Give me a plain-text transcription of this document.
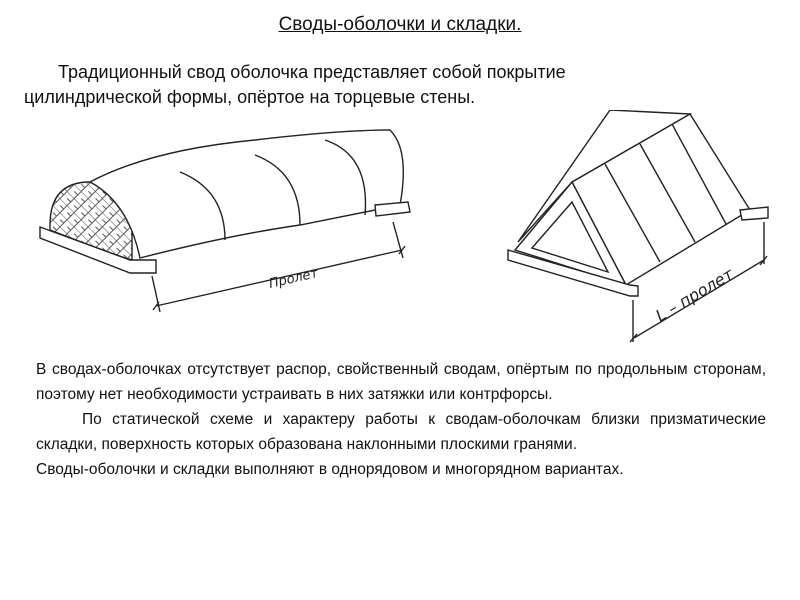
Своды-оболочки и складки.
Традиционный свод оболочка представляет собой покрытие
цилиндрической формы, опёртое на торцевые стены.
Пролет	L – пролет

В сводах-оболочках отсутствует распор, свойственный сводам, опёртым по продольным сторонам, поэтому нет необходимости устраивать в них затяжки или контрфорсы.

По статической схеме и характеру работы к сводам-оболочкам близки призматические складки, поверхность которых образована наклонными плоскими гранями.

Своды-оболочки и складки выполняют в однорядовом и многорядном вариантах.
